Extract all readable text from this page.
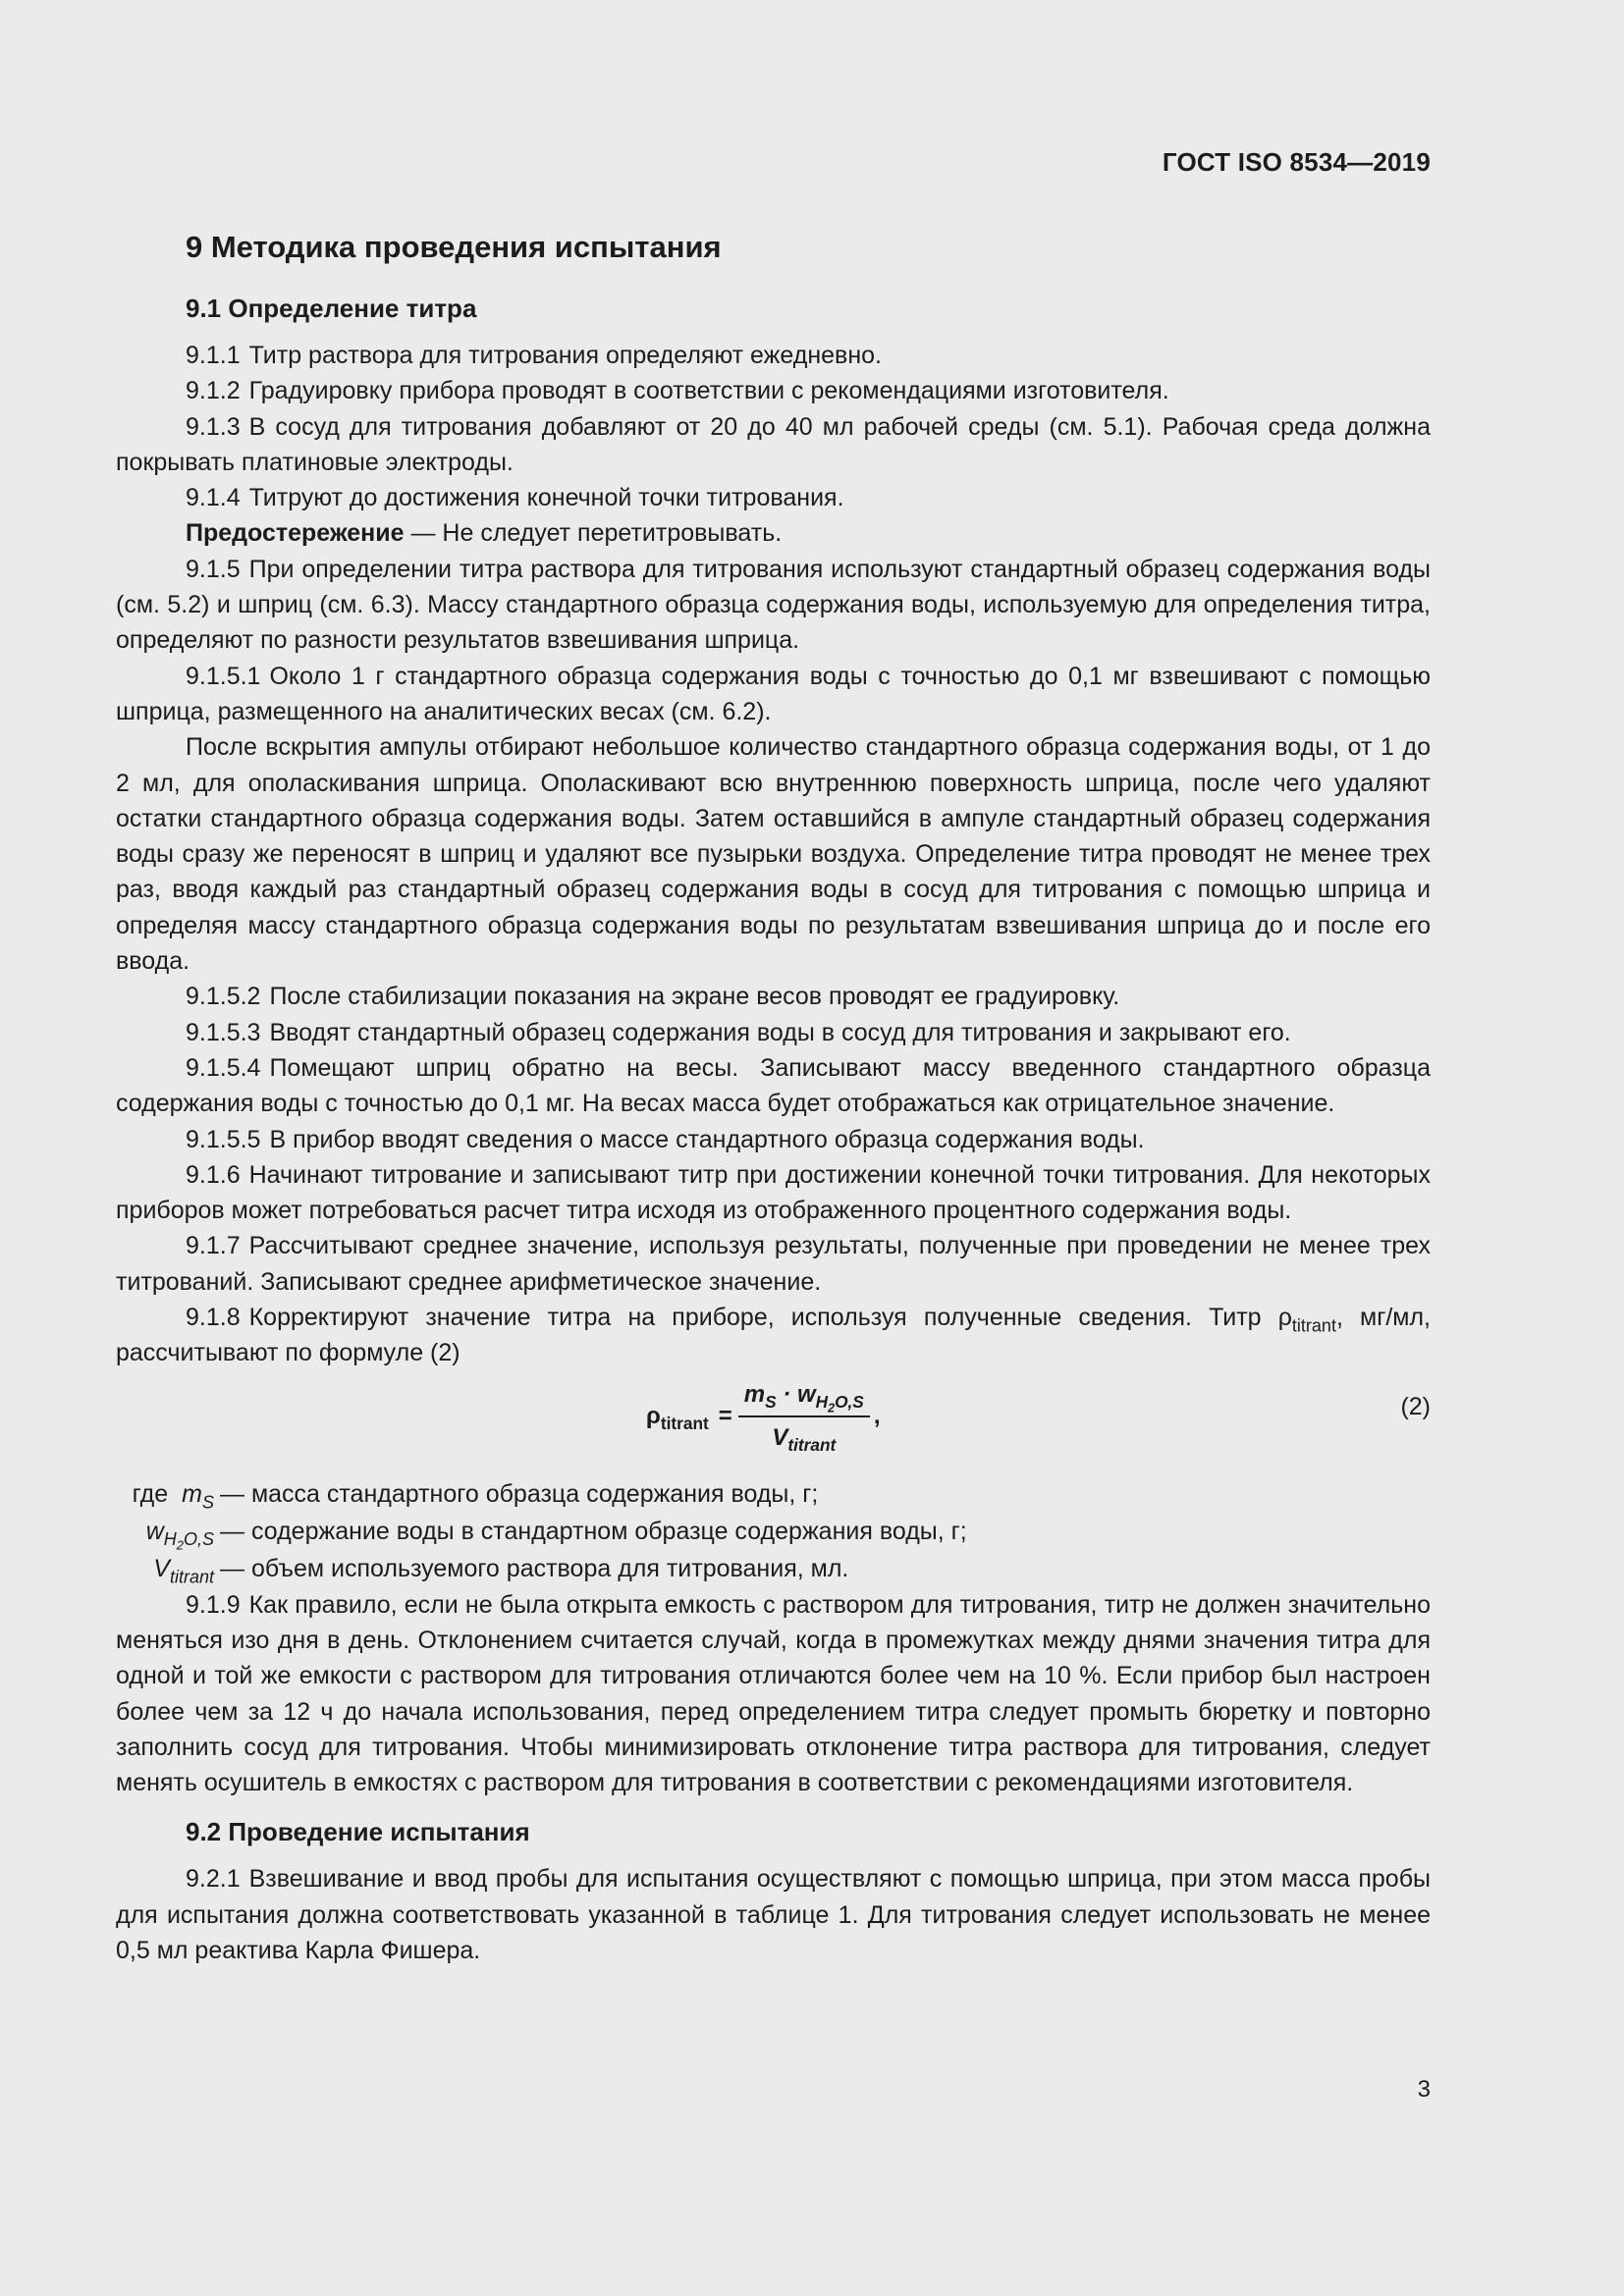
ГОСТ ISO 8534—2019
9 Методика проведения испытания
9.1 Определение титра

9.1.1 Титр раствора для титрования определяют ежедневно.

9.1.2 Градуировку прибора проводят в соответствии с рекомендациями изготовителя.

9.1.3 В сосуд для титрования добавляют от 20 до 40 мл рабочей среды (см. 5.1). Рабочая среда должна покрывать платиновые электроды.

9.1.4 Титруют до достижения конечной точки титрования.

Предостережение — Не следует перетитровывать.

9.1.5 При определении титра раствора для титрования используют стандартный образец содержания воды (см. 5.2) и шприц (см. 6.3). Массу стандартного образца содержания воды, используемую для определения титра, определяют по разности результатов взвешивания шприца.

9.1.5.1 Около 1 г стандартного образца содержания воды с точностью до 0,1 мг взвешивают с помощью шприца, размещенного на аналитических весах (см. 6.2).

После вскрытия ампулы отбирают небольшое количество стандартного образца содержания воды, от 1 до 2 мл, для ополаскивания шприца. Ополаскивают всю внутреннюю поверхность шприца, после чего удаляют остатки стандартного образца содержания воды. Затем оставшийся в ампуле стандартный образец содержания воды сразу же переносят в шприц и удаляют все пузырьки воздуха. Определение титра проводят не менее трех раз, вводя каждый раз стандартный образец содержания воды в сосуд для титрования с помощью шприца и определяя массу стандартного образца содержания воды по результатам взвешивания шприца до и после его ввода.

9.1.5.2 После стабилизации показания на экране весов проводят ее градуировку.

9.1.5.3 Вводят стандартный образец содержания воды в сосуд для титрования и закрывают его.

9.1.5.4 Помещают шприц обратно на весы. Записывают массу введенного стандартного образца содержания воды с точностью до 0,1 мг. На весах масса будет отображаться как отрицательное значение.

9.1.5.5 В прибор вводят сведения о массе стандартного образца содержания воды.

9.1.6 Начинают титрование и записывают титр при достижении конечной точки титрования. Для некоторых приборов может потребоваться расчет титра исходя из отображенного процентного содержания воды.

9.1.7 Рассчитывают среднее значение, используя результаты, полученные при проведении не менее трех титрований. Записывают среднее арифметическое значение.

9.1.8 Корректируют значение титра на приборе, используя полученные сведения. Титр $\rho_{titrant}$, мг/мл, рассчитывают по формуле (2)

$\rho_{titrant} = \frac{m_S \cdot w_{H_2O,S}}{V_{titrant}}$ ,	(2)
где $m_S$ — масса стандартного образца содержания воды, г;
$w_{H_2O,S}$ — содержание воды в стандартном образце содержания воды, г;
$V_{titrant}$ — объем используемого раствора для титрования, мл.

9.1.9 Как правило, если не была открыта емкость с раствором для титрования, титр не должен значительно меняться изо дня в день. Отклонением считается случай, когда в промежутках между днями значения титра для одной и той же емкости с раствором для титрования отличаются более чем на 10 %. Если прибор был настроен более чем за 12 ч до начала использования, перед определением титра следует промыть бюретку и повторно заполнить сосуд для титрования. Чтобы минимизировать отклонение титра раствора для титрования, следует менять осушитель в емкостях с раствором для титрования в соответствии с рекомендациями изготовителя.

9.2 Проведение испытания

9.2.1 Взвешивание и ввод пробы для испытания осуществляют с помощью шприца, при этом масса пробы для испытания должна соответствовать указанной в таблице 1. Для титрования следует использовать не менее 0,5 мл реактива Карла Фишера.

3
